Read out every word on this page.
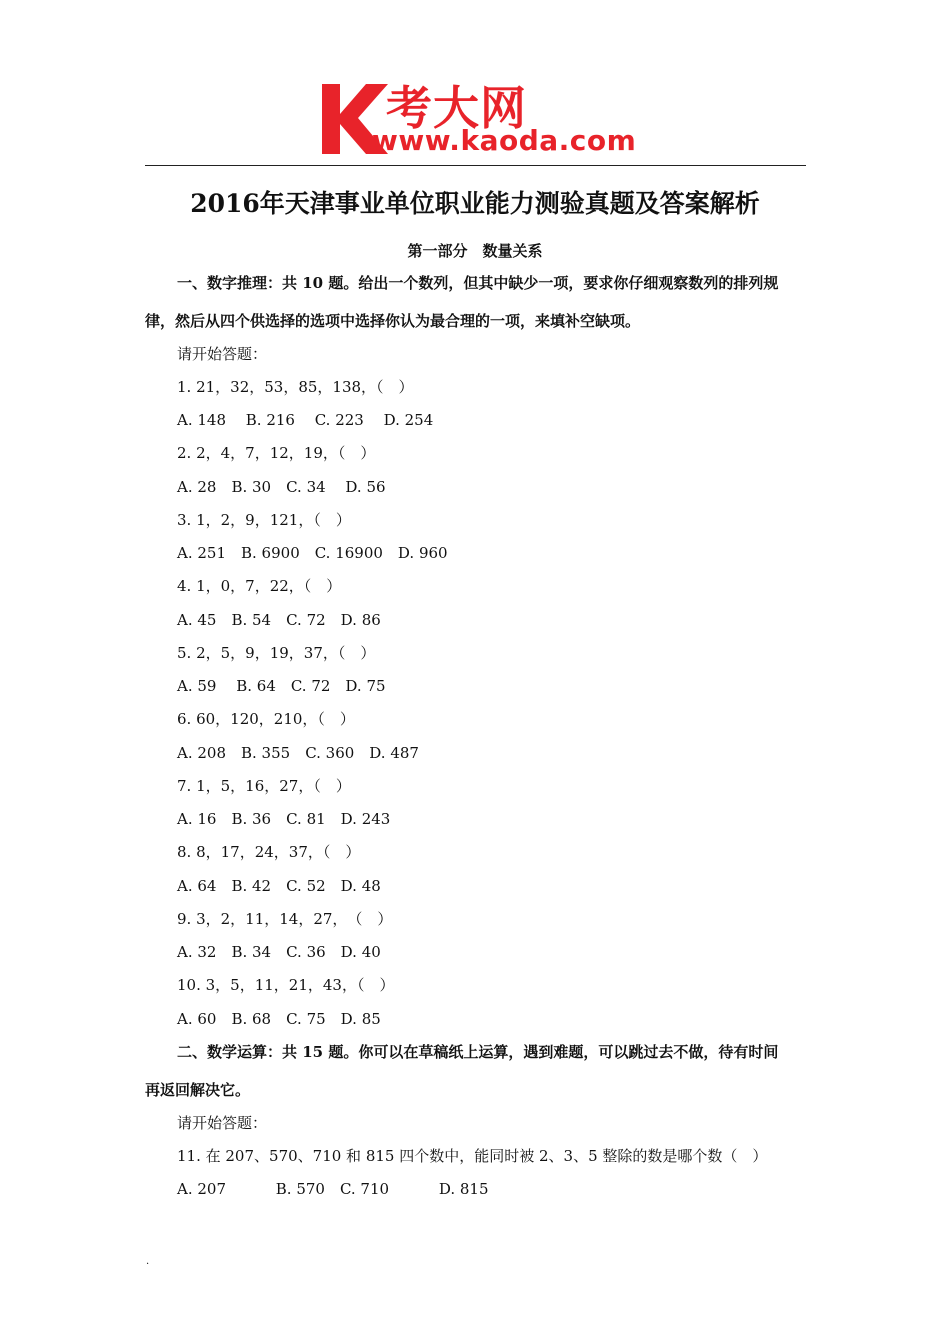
考大网
www.kaoda.com
2016年天津事业单位职业能力测验真题及答案解析
第一部分　数量关系
一、数字推理：共 10 题。给出一个数列，但其中缺少一项，要求你仔细观察数列的排列规
律，然后从四个供选择的选项中选择你认为最合理的一项，来填补空缺项。
请开始答题：
1. 21，32，53，85，138，（　）
A. 148　 B. 216　 C. 223　 D. 254
2. 2，4，7，12，19，（　）
A. 28　B. 30　C. 34　 D. 56
3. 1，2，9，121，（　）
A. 251　B. 6900　C. 16900　D. 960
4. 1，0，7，22，（　）
A. 45　B. 54　C. 72　D. 86
5. 2，5，9，19，37，（　）
A. 59　 B. 64　C. 72　D. 75
6. 60，120，210，（　）
A. 208　B. 355　C. 360　D. 487
7. 1，5，16，27，（　）
A. 16　B. 36　C. 81　D. 243
8. 8，17，24，37，（　）
A. 64　B. 42　C. 52　D. 48
9. 3，2，11，14，27，　（　）
A. 32　B. 34　C. 36　D. 40
10. 3，5，11，21，43，（　）
A. 60　B. 68　C. 75　D. 85
二、数学运算：共 15 题。你可以在草稿纸上运算，遇到难题，可以跳过去不做，待有时间
再返回解决它。
请开始答题：
11. 在 207、570、710 和 815 四个数中，能同时被 2、3、5 整除的数是哪个数（　）
A. 207　　　 B. 570　C. 710　　　 D. 815
.
